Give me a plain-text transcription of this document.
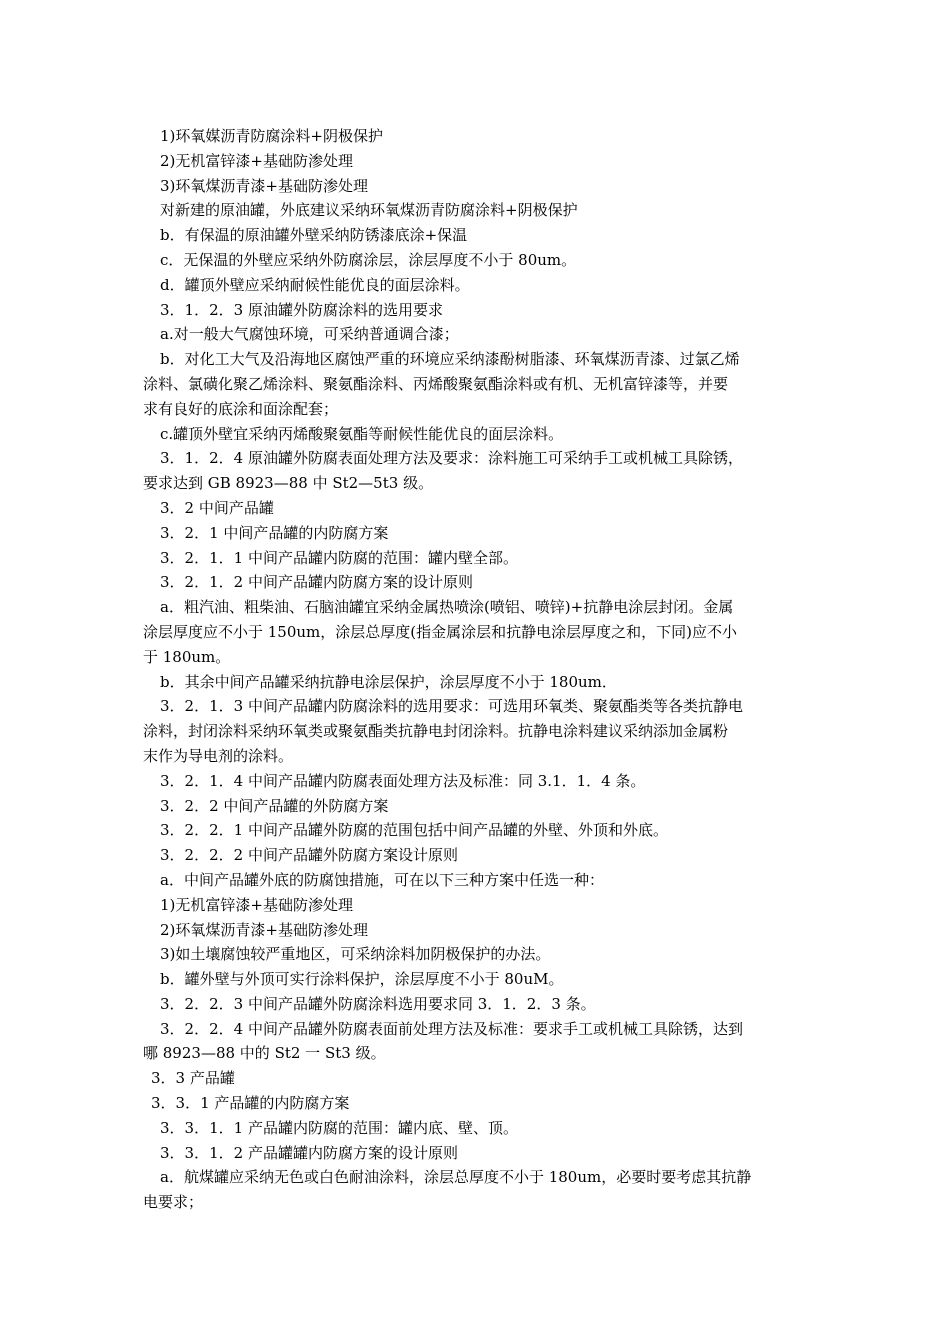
1)环氧媒沥青防腐涂料+阴极保护
2)无机富锌漆+基础防渗处理
3)环氧煤沥青漆+基础防渗处理
对新建的原油罐，外底建议采纳环氧煤沥青防腐涂料+阴极保护
b．有保温的原油罐外壁采纳防锈漆底涂+保温
c．无保温的外壁应采纳外防腐涂层，涂层厚度不小于 80um。
d．罐顶外壁应采纳耐候性能优良的面层涂料。
3．1．2．3 原油罐外防腐涂料的选用要求
a.对一般大气腐蚀环境，可采纳普通调合漆；
b．对化工大气及沿海地区腐蚀严重的环境应采纳漆酚树脂漆、环氧煤沥青漆、过氯乙烯
涂料、氯磺化聚乙烯涂料、聚氨酯涂料、丙烯酸聚氨酯涂料或有机、无机富锌漆等，并要
求有良好的底涂和面涂配套；
c.罐顶外壁宜采纳丙烯酸聚氨酯等耐候性能优良的面层涂料。
3．1．2．4 原油罐外防腐表面处理方法及要求：涂料施工可采纳手工或机械工具除锈，
要求达到 GB 8923—88 中 St2—5t3 级。
3．2 中间产品罐
3．2．1 中间产品罐的内防腐方案
3．2．1．1 中间产品罐内防腐的范围：罐内壁全部。
3．2．1．2 中间产品罐内防腐方案的设计原则
a．粗汽油、粗柴油、石脑油罐宜采纳金属热喷涂(喷铝、喷锌)+抗静电涂层封闭。金属
涂层厚度应不小于 150um，涂层总厚度(指金属涂层和抗静电涂层厚度之和，下同)应不小
于 180um。
b．其余中间产品罐采纳抗静电涂层保护，涂层厚度不小于 180um．
3．2．1．3 中间产品罐内防腐涂料的选用要求：可选用环氧类、聚氨酯类等各类抗静电
涂料，封闭涂料采纳环氧类或聚氨酯类抗静电封闭涂料。抗静电涂料建议采纳添加金属粉
末作为导电剂的涂料。
3．2．1．4 中间产品罐内防腐表面处理方法及标准：同 3.1．1．4 条。
3．2．2 中间产品罐的外防腐方案
3．2．2．1 中间产品罐外防腐的范围包括中间产品罐的外壁、外顶和外底。
3．2．2．2 中间产品罐外防腐方案设计原则
a．中间产品罐外底的防腐蚀措施，可在以下三种方案中任选一种：
1)无机富锌漆+基础防渗处理
2)环氧煤沥青漆+基础防渗处理
3)如土壤腐蚀较严重地区，可采纳涂料加阴极保护的办法。
b．罐外壁与外顶可实行涂料保护，涂层厚度不小于 80uM。
3．2．2．3 中间产品罐外防腐涂料选用要求同 3．1．2．3 条。
3．2．2．4 中间产品罐外防腐表面前处理方法及标准：要求手工或机械工具除锈，达到
哪 8923—88 中的 St2 一 St3 级。
3．3 产品罐
3．3．1 产品罐的内防腐方案
3．3．1．1 产品罐内防腐的范围：罐内底、壁、顶。
3．3．1．2 产品罐罐内防腐方案的设计原则
a．航煤罐应采纳无色或白色耐油涂料，涂层总厚度不小于 180um，必要时要考虑其抗静
电要求；
